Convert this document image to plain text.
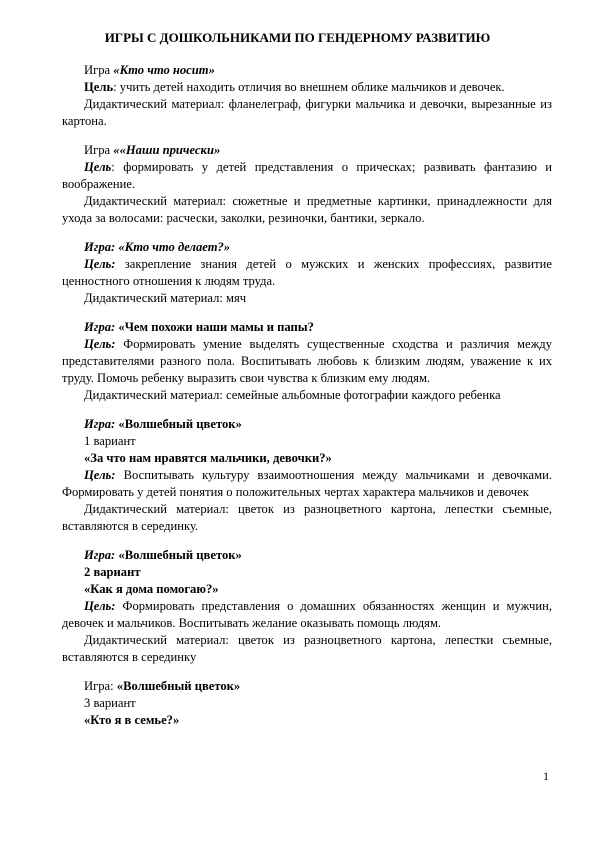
ИГРЫ С ДОШКОЛЬНИКАМИ ПО ГЕНДЕРНОМУ РАЗВИТИЮ

Игра «Кто что носит»

Цель: учить детей находить отличия во внешнем облике мальчиков и девочек.

Дидактический материал: фланелеграф, фигурки мальчика и девочки, вырезанные из картона.

Игра ««Наши прически»

Цель: формировать у детей представления о прическах; развивать фантазию и воображение.

Дидактический материал: сюжетные и предметные картинки, принадлежности для ухода за волосами: расчески, заколки, резиночки, бантики, зеркало.

Игра: «Кто что делает?»

Цель: закрепление знания детей о мужских и женских профессиях, развитие ценностного отношения к людям труда.

Дидактический материал: мяч

Игра: «Чем похожи наши мамы и папы?

Цель: Формировать умение выделять существенные сходства и различия между представителями разного пола. Воспитывать любовь к близким людям, уважение к их труду. Помочь ребенку выразить свои чувства к близким ему людям.

Дидактический материал: семейные альбомные фотографии каждого ребенка

Игра: «Волшебный цветок»

1 вариант

«За что нам нравятся мальчики, девочки?»

Цель: Воспитывать культуру взаимоотношения между мальчиками и девочками. Формировать у детей понятия о положительных чертах характера мальчиков и девочек

Дидактический материал: цветок из разноцветного картона, лепестки съемные, вставляются в серединку.

Игра: «Волшебный цветок»

2 вариант

«Как я дома помогаю?»

Цель: Формировать представления о домашних обязанностях женщин и мужчин, девочек и мальчиков. Воспитывать желание оказывать помощь людям.

Дидактический материал: цветок из разноцветного картона, лепестки съемные, вставляются в серединку

Игра: «Волшебный цветок»

3 вариант

«Кто я в семье?»

1
